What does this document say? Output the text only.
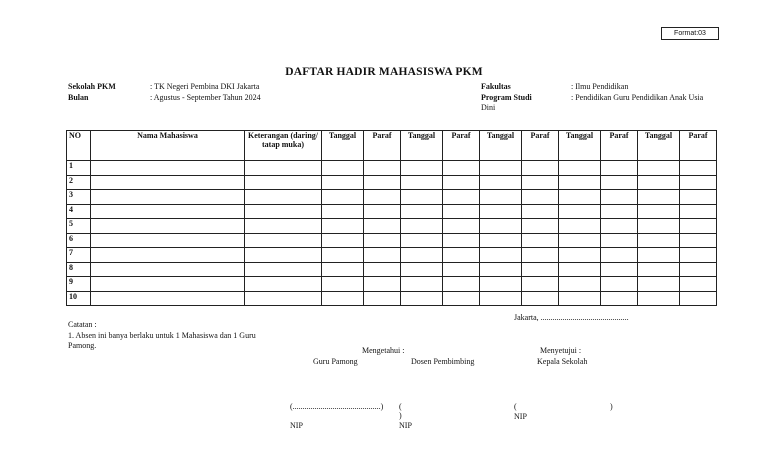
Format:03
DAFTAR HADIR MAHASISWA PKM
Sekolah PKM	: TK Negeri Pembina DKI Jakarta
Bulan	: Agustus - September Tahun 2024
Fakultas	: Ilmu Pendidikan
Program Studi	: Pendidikan Guru Pendidikan Anak Usia
Dini
NO	Nama Mahasiswa	Keterangan (daring/ tatap muka)	Tanggal	Paraf	Tanggal	Paraf	Tanggal	Paraf	Tanggal	Paraf	Tanggal	Paraf
1												
2												
3												
4												
5												
6												
7												
8												
9												
10												
Jakarta, ............................................
Catatan :
1. Absen ini banya berlaku untuk 1 Mahasiswa dan 1 Guru
Pamong.
Mengetahui :	Menyetujui :
Guru Pamong	Dosen Pembimbing	Kepala Sekolah
(............................................) (
)
(	)
NIP	NIP
NIP
